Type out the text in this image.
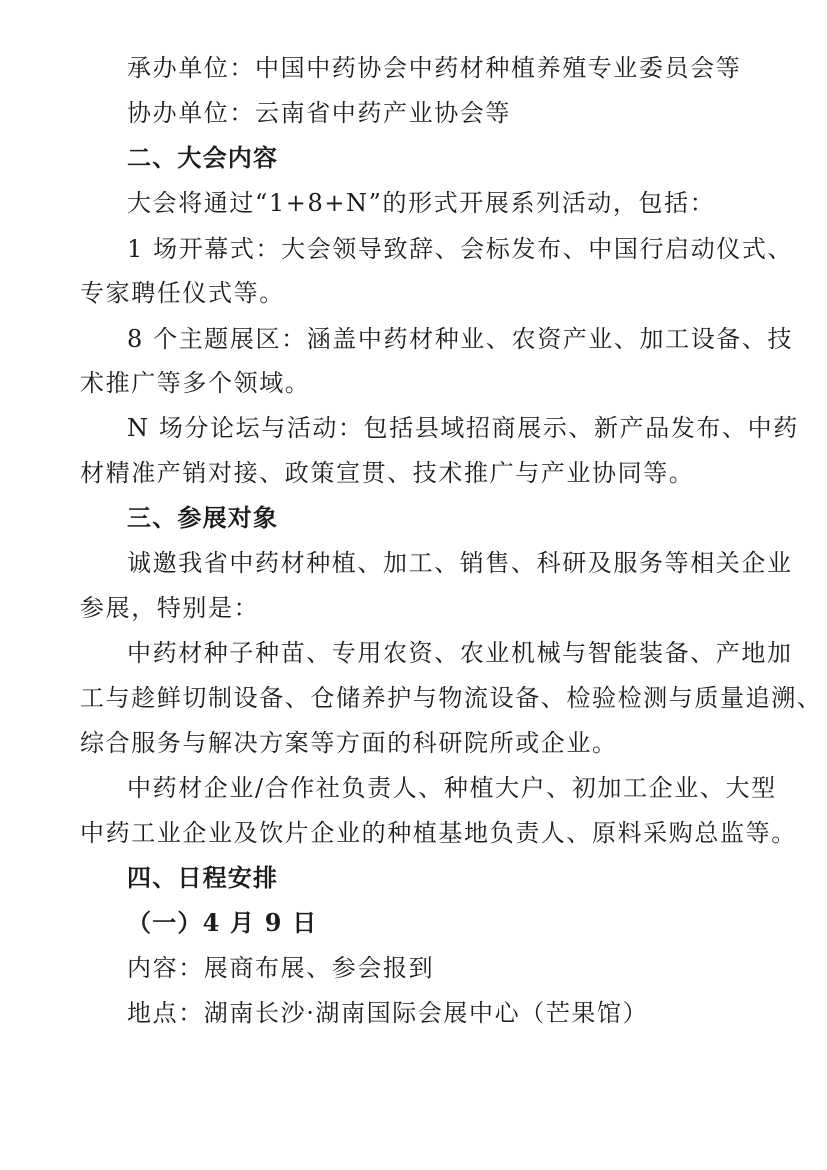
承办单位：中国中药协会中药材种植养殖专业委员会等
协办单位：云南省中药产业协会等
二、大会内容
大会将通过“1+8+N”的形式开展系列活动，包括：
1 场开幕式：大会领导致辞、会标发布、中国行启动仪式、
专家聘任仪式等。
8 个主题展区：涵盖中药材种业、农资产业、加工设备、技
术推广等多个领域。
N 场分论坛与活动：包括县域招商展示、新产品发布、中药
材精准产销对接、政策宣贯、技术推广与产业协同等。
三、参展对象
诚邀我省中药材种植、加工、销售、科研及服务等相关企业
参展，特别是：
中药材种子种苗、专用农资、农业机械与智能装备、产地加
工与趁鲜切制设备、仓储养护与物流设备、检验检测与质量追溯、
综合服务与解决方案等方面的科研院所或企业。
中药材企业/合作社负责人、种植大户、初加工企业、大型
中药工业企业及饮片企业的种植基地负责人、原料采购总监等。
四、日程安排
（一）4 月 9 日
内容：展商布展、参会报到
地点：湖南长沙·湖南国际会展中心（芒果馆）
